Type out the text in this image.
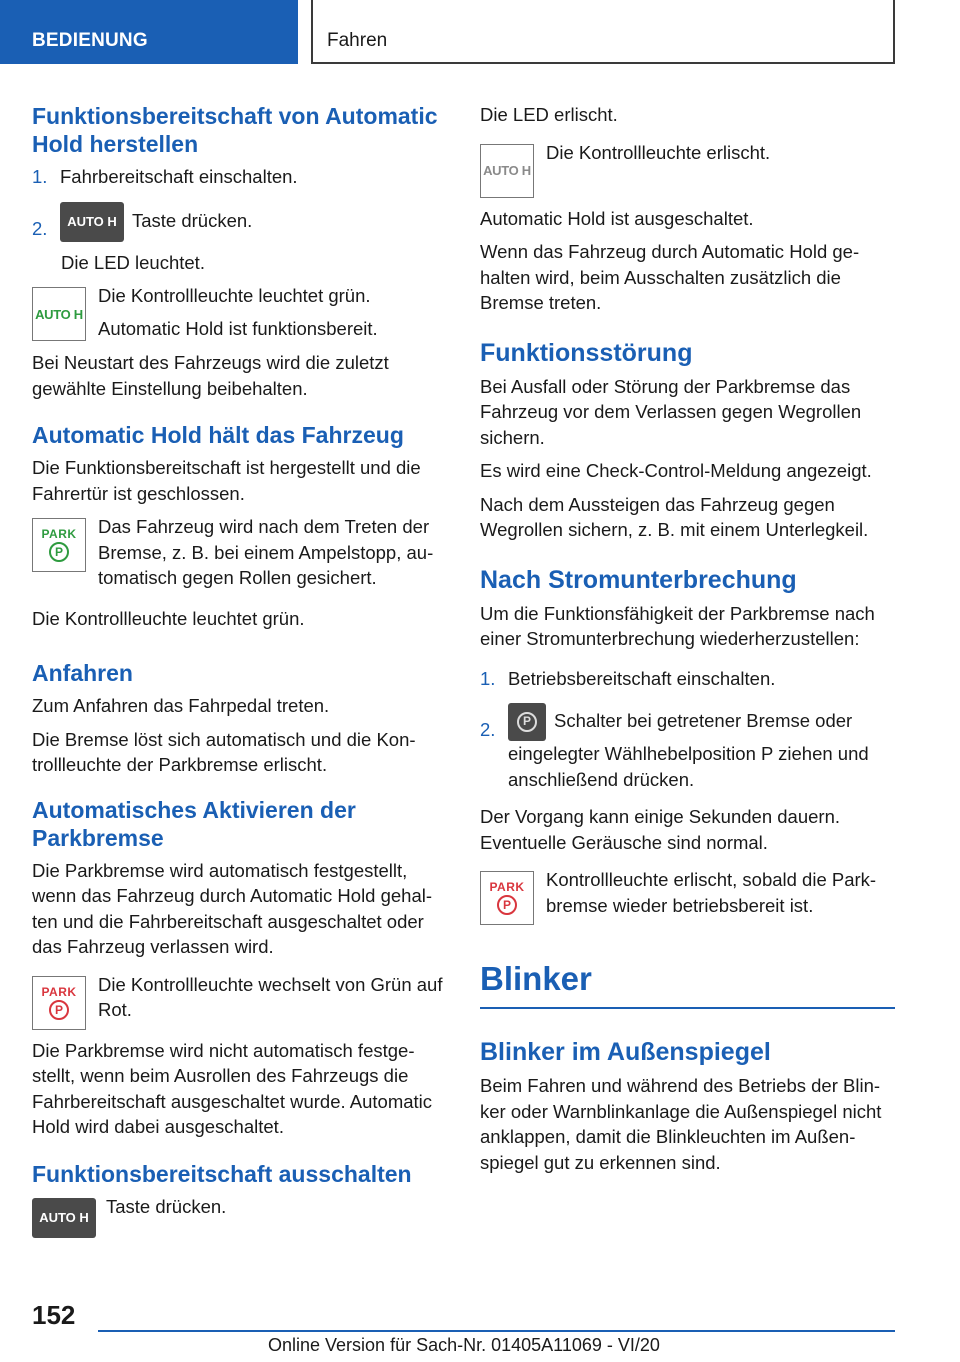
BEDIENUNG	Fahren
Funktionsbereitschaft von Automatic Hold herstellen
1. Fahrbereitschaft einschalten.
2. AUTO H Taste drücken.

Die LED leuchtet.

AUTO H

Die Kontrollleuchte leuchtet grün.

Automatic Hold ist funktionsbereit.

Bei Neustart des Fahrzeugs wird die zuletzt gewählte Einstellung beibehalten.

Automatic Hold hält das Fahrzeug

Die Funktionsbereitschaft ist hergestellt und die Fahrertür ist geschlossen.

PARK
P

Das Fahrzeug wird nach dem Treten der Bremse, z. B. bei einem Ampelstopp, automatisch gegen Rollen gesichert.

Die Kontrollleuchte leuchtet grün.

Anfahren

Zum Anfahren das Fahrpedal treten.

Die Bremse löst sich automatisch und die Kontrollleuchte der Parkbremse erlischt.

Automatisches Aktivieren der Parkbremse

Die Parkbremse wird automatisch festgestellt, wenn das Fahrzeug durch Automatic Hold gehalten und die Fahrbereitschaft ausgeschaltet oder das Fahrzeug verlassen wird.

PARK
P

Die Kontrollleuchte wechselt von Grün auf Rot.

Die Parkbremse wird nicht automatisch festgestellt, wenn beim Ausrollen des Fahrzeugs die Fahrbereitschaft ausgeschaltet wurde. Automatic Hold wird dabei ausgeschaltet.

Funktionsbereitschaft ausschalten
AUTO H

Taste drücken.

Die LED erlischt.

AUTO H

Die Kontrollleuchte erlischt.

Automatic Hold ist ausgeschaltet.

Wenn das Fahrzeug durch Automatic Hold gehalten wird, beim Ausschalten zusätzlich die Bremse treten.

Funktionsstörung

Bei Ausfall oder Störung der Parkbremse das Fahrzeug vor dem Verlassen gegen Wegrollen sichern.

Es wird eine Check-Control-Meldung angezeigt.

Nach dem Aussteigen das Fahrzeug gegen Wegrollen sichern, z. B. mit einem Unterlegkeil.

Nach Stromunterbrechung

Um die Funktionsfähigkeit der Parkbremse nach einer Stromunterbrechung wiederherzustellen:

1. Betriebsbereitschaft einschalten.
2.	P	Schalter bei getretener Bremse oder eingelegter Wählhebelposition P ziehen und anschließend drücken.

Der Vorgang kann einige Sekunden dauern. Eventuelle Geräusche sind normal.

PARK
P

Kontrollleuchte erlischt, sobald die Parkbremse wieder betriebsbereit ist.

Blinker
Blinker im Außenspiegel

Beim Fahren und während des Betriebs der Blinker oder Warnblinkanlage die Außenspiegel nicht anklappen, damit die Blinkleuchten im Außenspiegel gut zu erkennen sind.

152
Online Version für Sach-Nr. 01405A11069 - VI/20
